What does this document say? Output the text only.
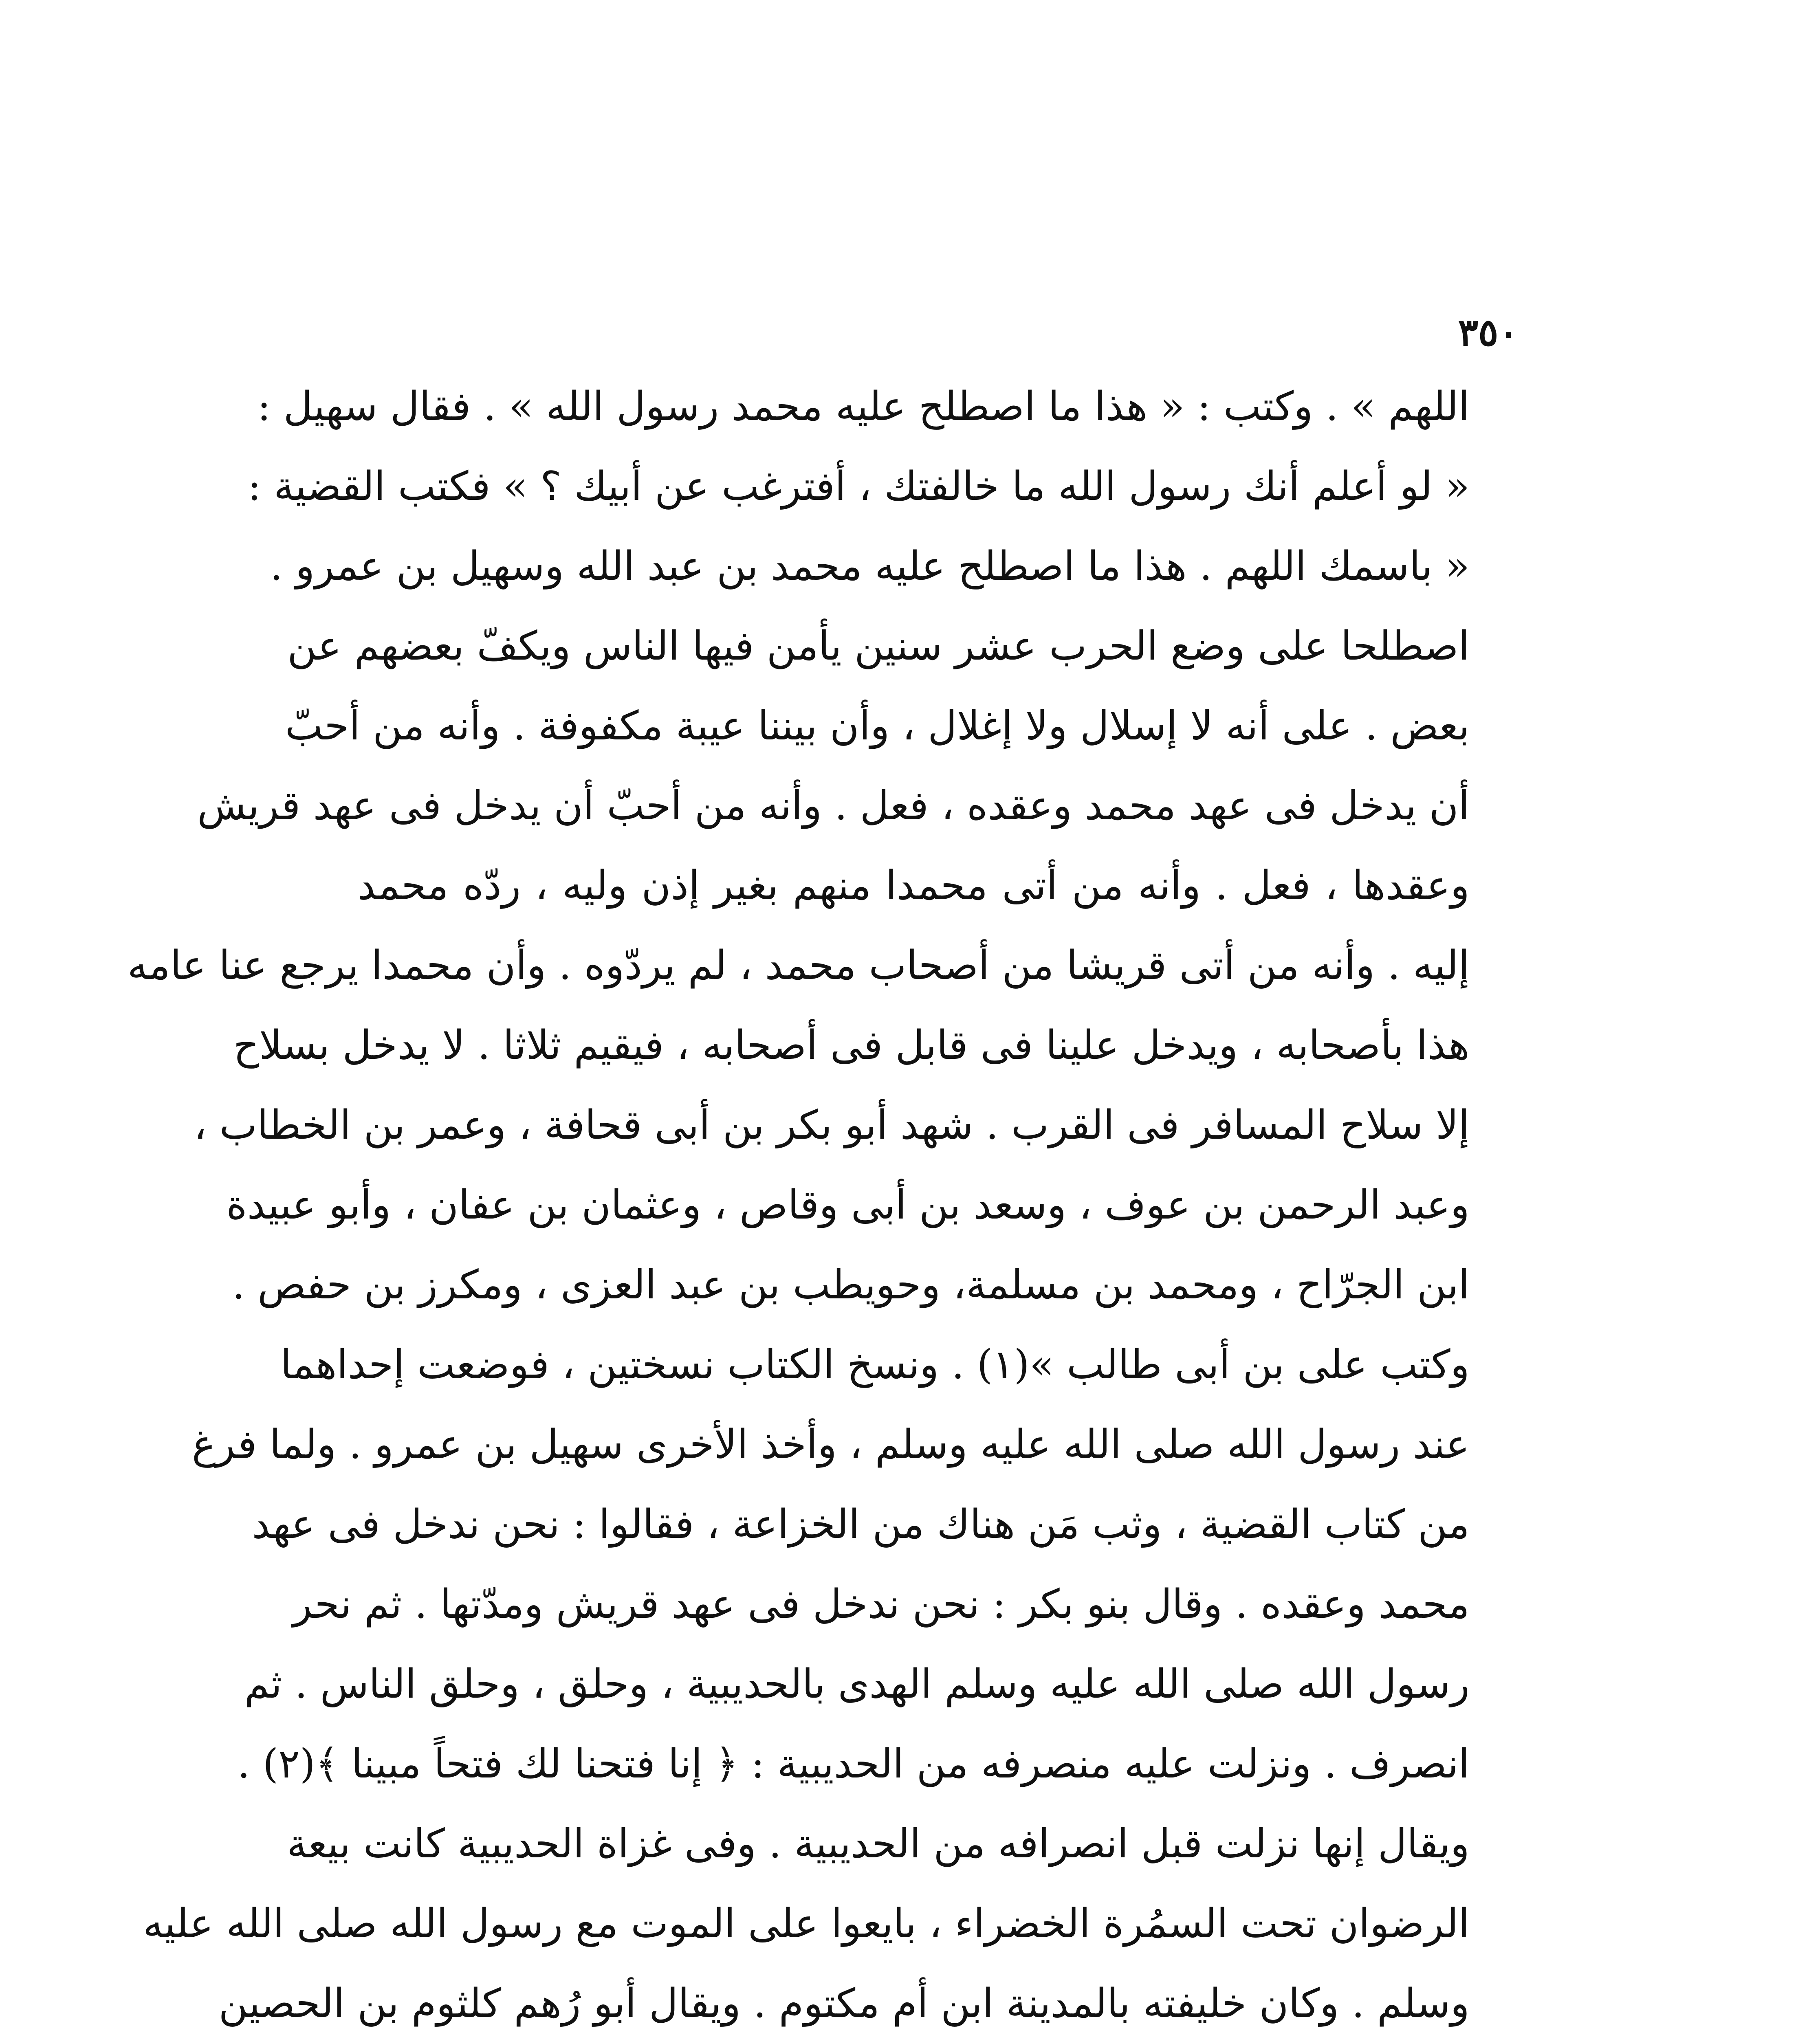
٣٥٠
اللهم » . وكتب : « هذا ما اصطلح عليه محمد رسول الله » . فقال سهيل :
« لو أعلم أنك رسول الله ما خالفتك ، أفترغب عن أبيك ؟ » فكتب القضية :
« باسمك اللهم . هذا ما اصطلح عليه محمد بن عبد الله وسهيل بن عمرو .
اصطلحا على وضع الحرب عشر سنين يأمن فيها الناس ويكفّ بعضهم عن
بعض . على أنه لا إسلال ولا إغلال ، وأن بيننا عيبة مكفوفة . وأنه من أحبّ
أن يدخل فى عهد محمد وعقده ، فعل . وأنه من أحبّ أن يدخل فى عهد قريش
وعقدها ، فعل . وأنه من أتى محمدا منهم بغير إذن وليه ، ردّه محمد
إليه . وأنه من أتى قريشا من أصحاب محمد ، لم يردّوه . وأن محمدا يرجع عنا عامه
هذا بأصحابه ، ويدخل علينا فى قابل فى أصحابه ، فيقيم ثلاثا . لا يدخل بسلاح
إلا سلاح المسافر فى القرب . شهد أبو بكر بن أبى قحافة ، وعمر بن الخطاب ،
وعبد الرحمن بن عوف ، وسعد بن أبى وقاص ، وعثمان بن عفان ، وأبو عبيدة
ابن الجرّاح ، ومحمد بن مسلمة، وحويطب بن عبد العزى ، ومكرز بن حفص .
وكتب على بن أبى طالب »(١) . ونسخ الكتاب نسختين ، فوضعت إحداهما
عند رسول الله صلى الله عليه وسلم ، وأخذ الأخرى سهيل بن عمرو . ولما فرغ
من كتاب القضية ، وثب مَن هناك من الخزاعة ، فقالوا : نحن ندخل فى عهد
محمد وعقده . وقال بنو بكر : نحن ندخل فى عهد قريش ومدّتها . ثم نحر
رسول الله صلى الله عليه وسلم الهدى بالحديبية ، وحلق ، وحلق الناس . ثم
انصرف . ونزلت عليه منصرفه من الحديبية : ﴿ إنا فتحنا لك فتحاً مبينا ﴾(٢) .
ويقال إنها نزلت قبل انصرافه من الحديبية . وفى غزاة الحديبية كانت بيعة
الرضوان تحت السمُرة الخضراء ، بايعوا على الموت مع رسول الله صلى الله عليه
وسلم . وكان خليفته بالمدينة ابن أم مكتوم . ويقال أبو رُهم كلثوم بن الحصين
